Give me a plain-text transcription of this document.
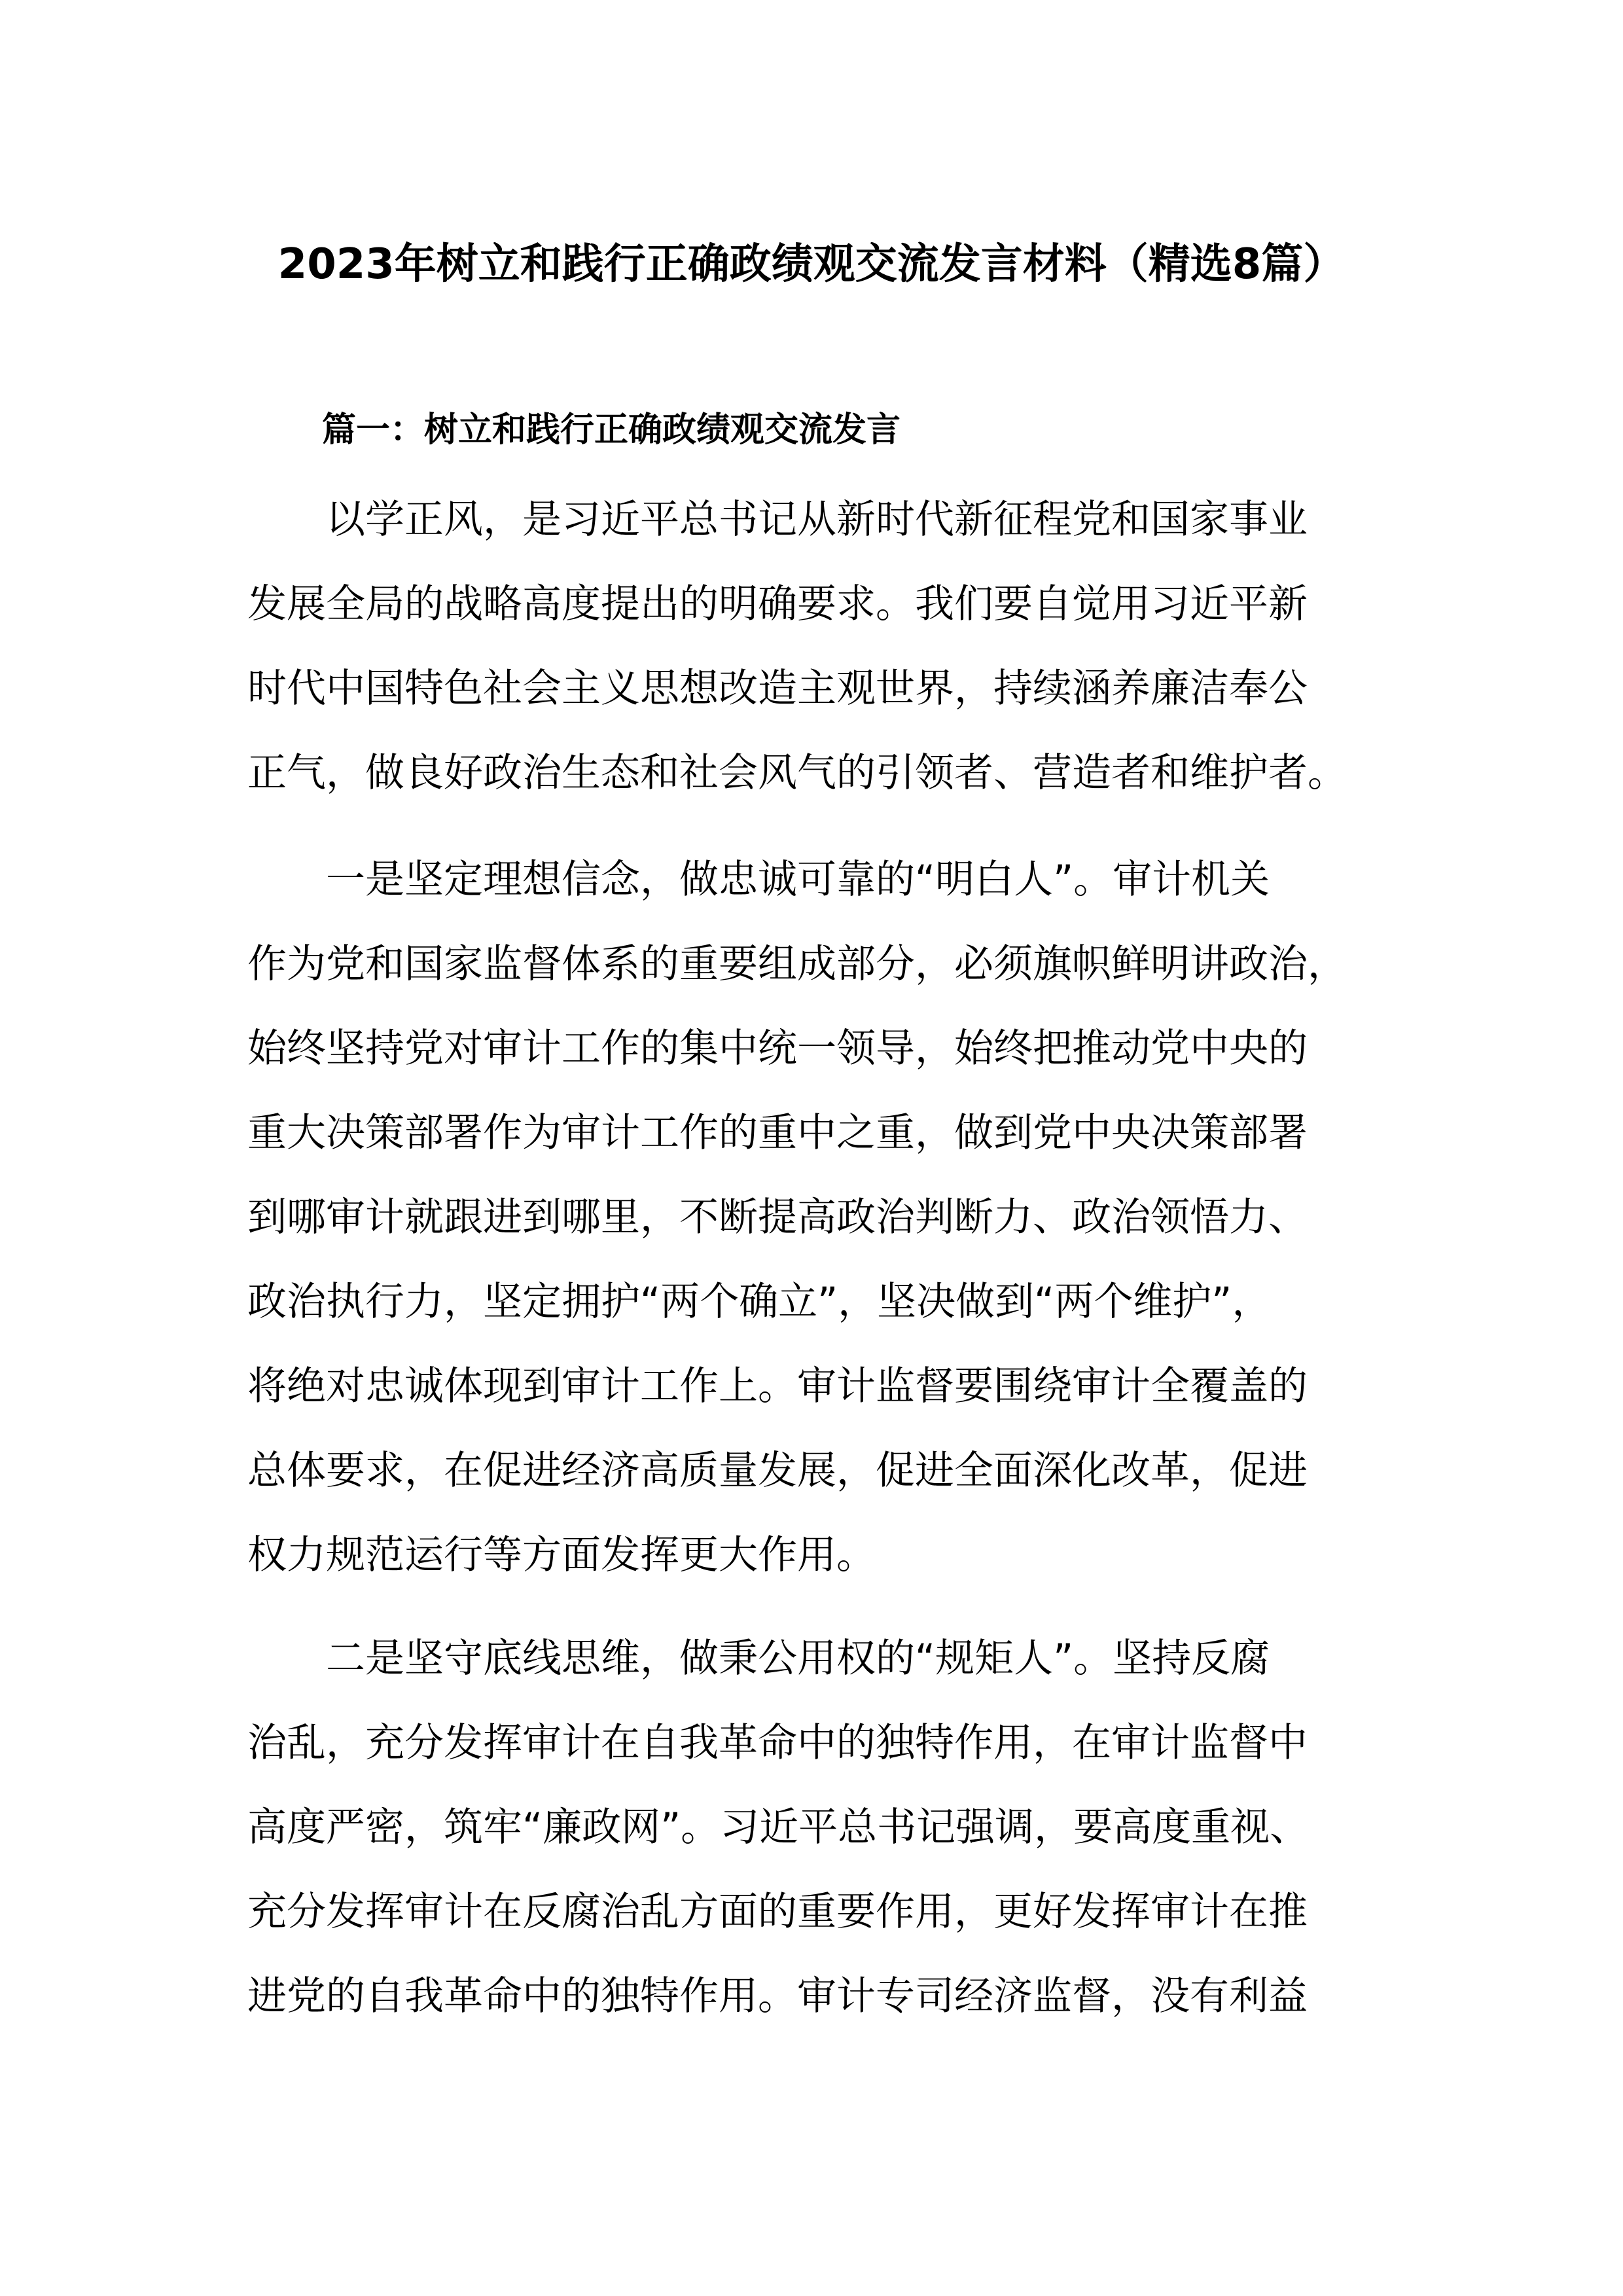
2023年树立和践行正确政绩观交流发言材料（精选8篇）
篇一：树立和践行正确政绩观交流发言
以学正风，是习近平总书记从新时代新征程党和国家事业
发展全局的战略高度提出的明确要求。我们要自觉用习近平新
时代中国特色社会主义思想改造主观世界，持续涵养廉洁奉公
正气，做良好政治生态和社会风气的引领者、营造者和维护者。
一是坚定理想信念，做忠诚可靠的“明白人”。审计机关
作为党和国家监督体系的重要组成部分，必须旗帜鲜明讲政治，
始终坚持党对审计工作的集中统一领导，始终把推动党中央的
重大决策部署作为审计工作的重中之重，做到党中央决策部署
到哪审计就跟进到哪里，不断提高政治判断力、政治领悟力、
政治执行力，坚定拥护“两个确立”，坚决做到“两个维护”，
将绝对忠诚体现到审计工作上。审计监督要围绕审计全覆盖的
总体要求，在促进经济高质量发展，促进全面深化改革，促进
权力规范运行等方面发挥更大作用。
二是坚守底线思维，做秉公用权的“规矩人”。坚持反腐
治乱，充分发挥审计在自我革命中的独特作用，在审计监督中
高度严密，筑牢“廉政网”。习近平总书记强调，要高度重视、
充分发挥审计在反腐治乱方面的重要作用，更好发挥审计在推
进党的自我革命中的独特作用。审计专司经济监督，没有利益
